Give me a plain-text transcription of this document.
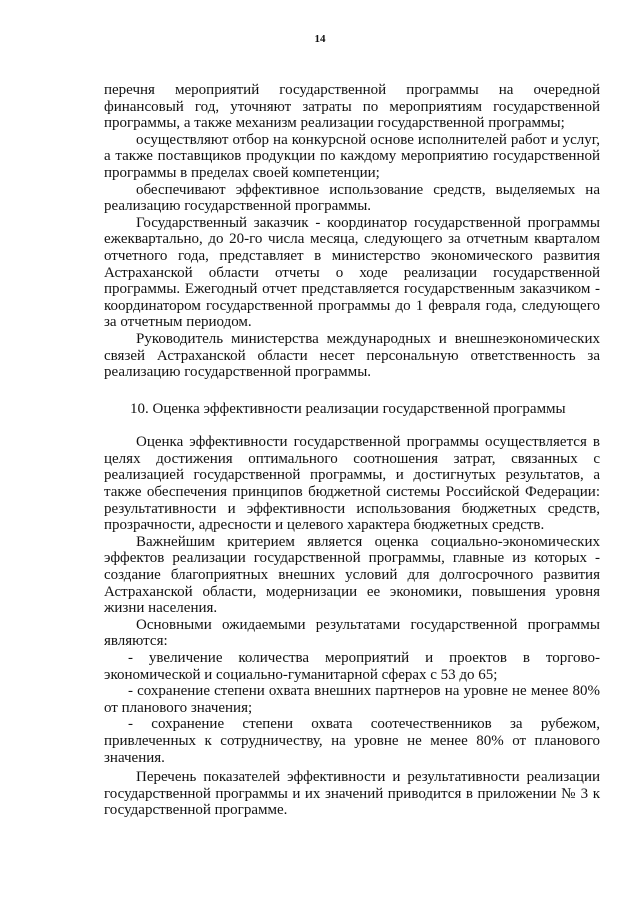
14

перечня мероприятий государственной программы на очередной финансовый год, уточняют затраты по мероприятиям государственной программы, а также механизм реализации государственной программы;

осуществляют отбор на конкурсной основе исполнителей работ и услуг, а также поставщиков продукции по каждому мероприятию государственной программы в пределах своей компетенции;

обеспечивают эффективное использование средств, выделяемых на реализацию государственной программы.

Государственный заказчик - координатор государственной программы ежеквартально, до 20-го числа месяца, следующего за отчетным кварталом отчетного года, представляет в министерство экономического развития Астраханской области отчеты о ходе реализации государственной программы. Ежегодный отчет представляется государственным заказчиком - координатором государственной программы до 1 февраля года, следующего за отчетным периодом.

Руководитель министерства международных и внешнеэкономических связей Астраханской области несет персональную ответственность за реализацию государственной программы.

10. Оценка эффективности реализации государственной программы

Оценка эффективности государственной программы осуществляется в целях достижения оптимального соотношения затрат, связанных с реализацией государственной программы, и достигнутых результатов, а также обеспечения принципов бюджетной системы Российской Федерации: результативности и эффективности использования бюджетных средств, прозрачности, адресности и целевого характера бюджетных средств.

Важнейшим критерием является оценка социально-экономических эффектов реализации государственной программы, главные из которых - создание благоприятных внешних условий для долгосрочного развития Астраханской области, модернизации ее экономики, повышения уровня жизни населения.

Основными ожидаемыми результатами государственной программы являются:

- увеличение количества мероприятий и проектов в торгово-экономической и социально-гуманитарной сферах с 53 до 65;

- сохранение степени охвата внешних партнеров на уровне не менее 80% от планового значения;

- сохранение степени охвата соотечественников за рубежом, привлеченных к сотрудничеству, на уровне не менее 80% от планового значения.

Перечень показателей эффективности и результативности реализации государственной программы и их значений приводится в приложении № 3 к государственной программе.
